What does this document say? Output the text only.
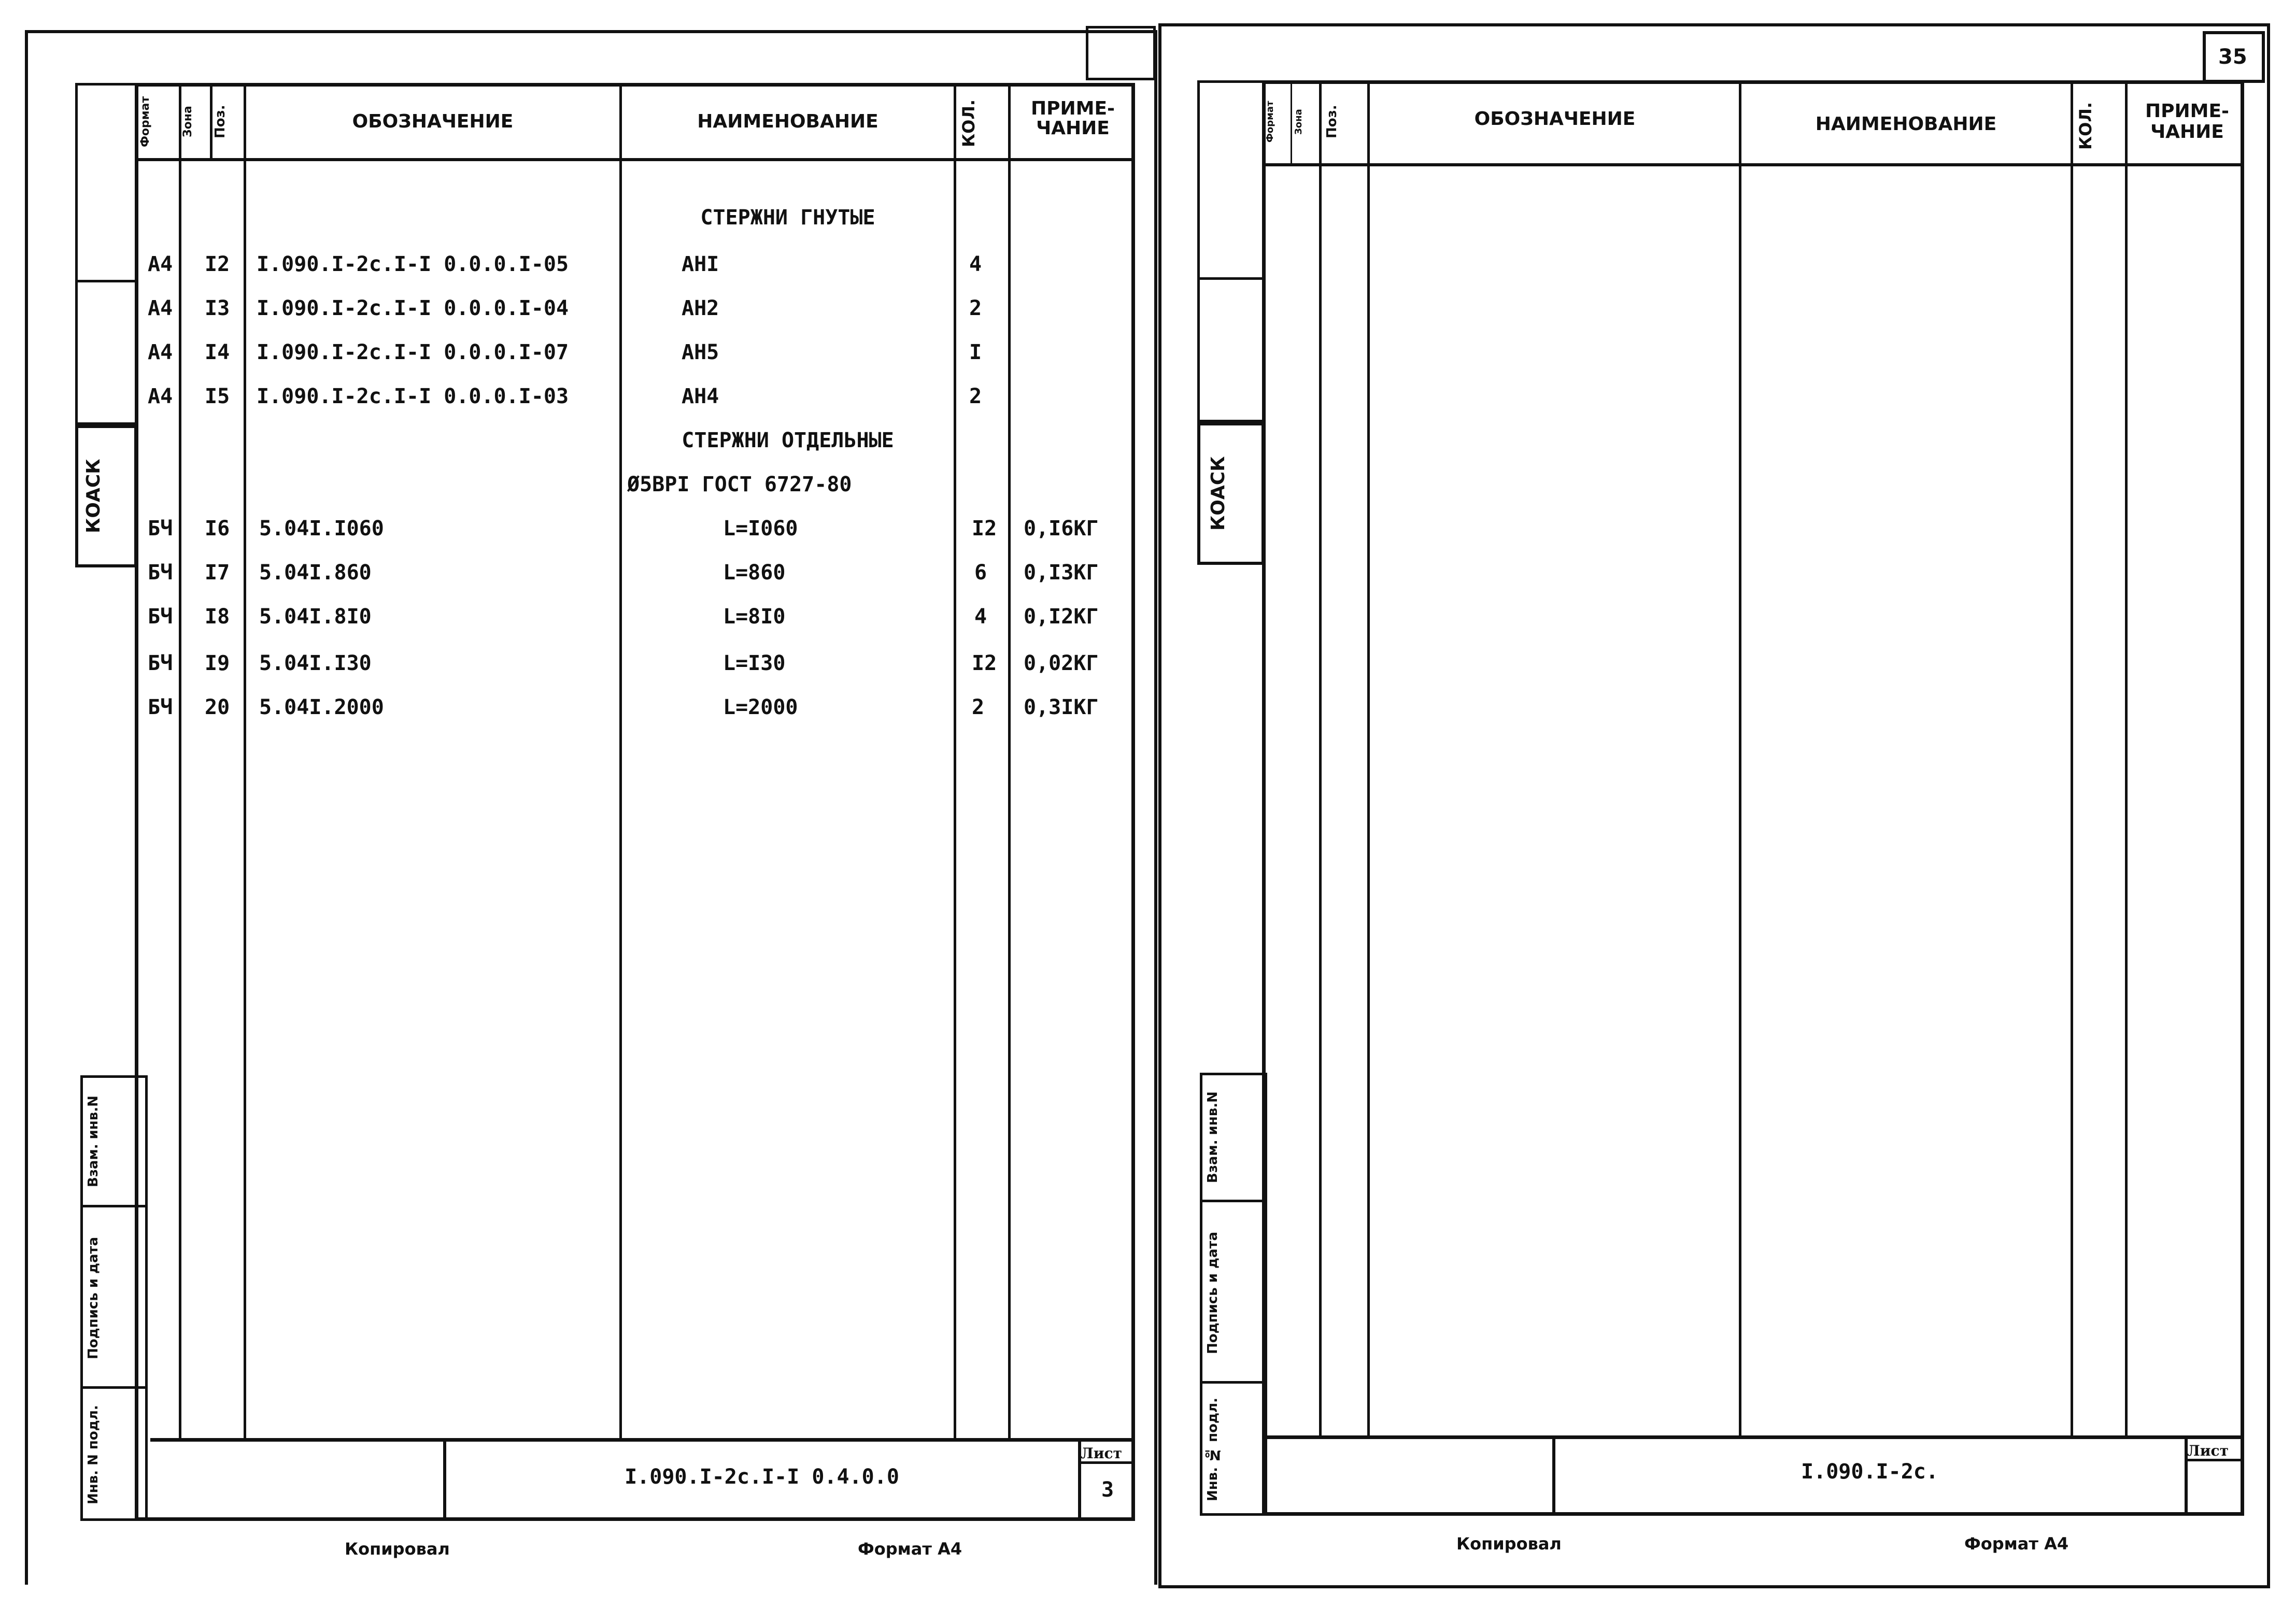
Формат	Зона	Поз.	ОБОЗНАЧЕНИЕ	НАИМЕНОВАНИЕ	КОЛ.	ПРИМЕ-
ЧАНИЕ
СТЕРЖНИ ГНУТЫЕ
СТЕРЖНИ ОТДЕЛЬНЫЕ
Ø5ВРI ГОСТ 6727-80
А4 I2 I.090.I-2с.I-I 0.0.0.I-05	АНI	4
А4 I3 I.090.I-2с.I-I 0.0.0.I-04	АН2	2
А4 I4 I.090.I-2с.I-I 0.0.0.I-07	АН5	I
А4 I5 I.090.I-2с.I-I 0.0.0.I-03	АН4	2
БЧ I6 5.04I.I060	L=I060	I2 0,I6КГ
БЧ I7 5.04I.860	L=860	6 0,I3КГ
БЧ I8 5.04I.8I0	L=8I0	4 0,I2КГ
БЧ I9 5.04I.I30	L=I30	I2 0,02КГ
БЧ 20 5.04I.2000	L=2000	2 0,3IКГ
КОАСК
Взам. инв.N
Подпись и дата
Инв. N подл.	I.090.I-2с.I-I 0.4.0.0
Лист
3
Копировал	Формат А4
35
Формат	Зона	Поз.	ОБОЗНАЧЕНИЕ	НАИМЕНОВАНИЕ	КОЛ.	ПРИМЕ-
ЧАНИЕ
КОАСК
Взам. инв.N
Подпись и дата
Инв. № подл.	I.090.I-2с.
Лист
Копировал	Формат А4
